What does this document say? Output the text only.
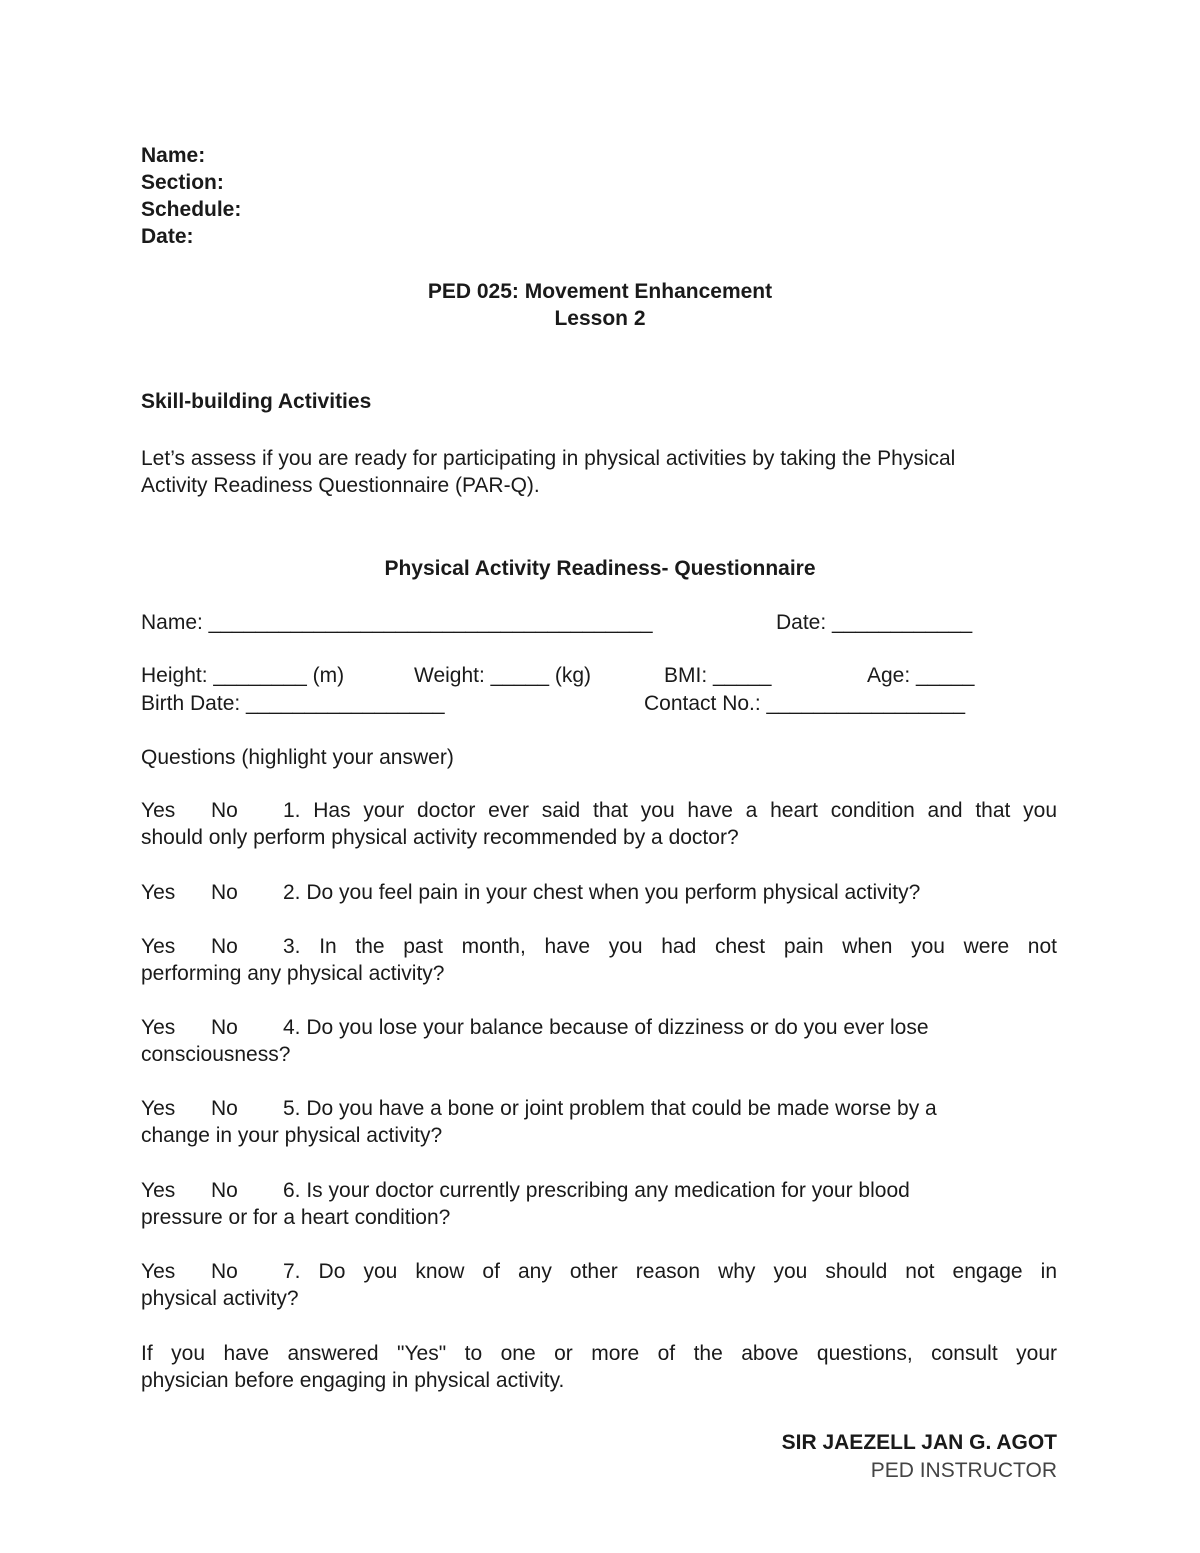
Name:
Section:
Schedule:
Date:
PED 025: Movement Enhancement
Lesson 2
Skill-building Activities
Let’s assess if you are ready for participating in physical activities by taking the Physical
Activity Readiness Questionnaire (PAR-Q).
Physical Activity Readiness- Questionnaire
Name: ______________________________________	Date: ____________
Height: ________ (m)	Weight: _____ (kg)	BMI: _____	Age: _____
Birth Date: _________________	Contact No.: _________________
Questions (highlight your answer)
Yes No 1. Has your doctor ever said that you have a heart condition and that you
should only perform physical activity recommended by a doctor?
Yes No 2. Do you feel pain in your chest when you perform physical activity?
Yes No 3. In the past month, have you had chest pain when you were not
performing any physical activity?
Yes No 4. Do you lose your balance because of dizziness or do you ever lose
consciousness?
Yes No 5. Do you have a bone or joint problem that could be made worse by a
change in your physical activity?
Yes No 6. Is your doctor currently prescribing any medication for your blood
pressure or for a heart condition?
Yes No 7. Do you know of any other reason why you should not engage in
physical activity?
If you have answered "Yes" to one or more of the above questions, consult your
physician before engaging in physical activity.
SIR JAEZELL JAN G. AGOT
PED INSTRUCTOR
